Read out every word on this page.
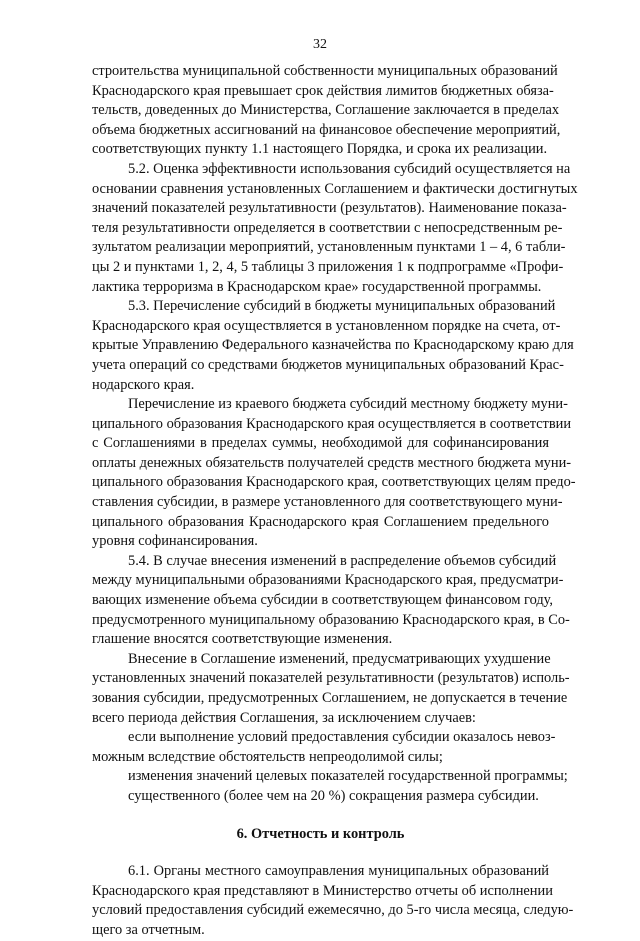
32
строительства муниципальной собственности муниципальных образований
Краснодарского края превышает срок действия лимитов бюджетных обяза-
тельств, доведенных до Министерства, Соглашение заключается в пределах
объема бюджетных ассигнований на финансовое обеспечение мероприятий,
соответствующих пункту 1.1 настоящего Порядка, и срока их реализации.
5.2. Оценка эффективности использования субсидий осуществляется на
основании сравнения установленных Соглашением и фактически достигнутых
значений показателей результативности (результатов). Наименование показа-
теля результативности определяется в соответствии с непосредственным ре-
зультатом реализации мероприятий, установленным пунктами 1 – 4, 6 табли-
цы 2 и пунктами 1, 2, 4, 5 таблицы 3 приложения 1 к подпрограмме «Профи-
лактика терроризма в Краснодарском крае» государственной программы.
5.3. Перечисление субсидий в бюджеты муниципальных образований
Краснодарского края осуществляется в установленном порядке на счета, от-
крытые Управлению Федерального казначейства по Краснодарскому краю для
учета операций со средствами бюджетов муниципальных образований Крас-
нодарского края.
Перечисление из краевого бюджета субсидий местному бюджету муни-
ципального образования Краснодарского края осуществляется в соответствии
с Соглашениями в пределах суммы, необходимой для софинансирования
оплаты денежных обязательств получателей средств местного бюджета муни-
ципального образования Краснодарского края, соответствующих целям предо-
ставления субсидии, в размере установленного для соответствующего муни-
ципального образования Краснодарского края Соглашением предельного
уровня софинансирования.
5.4. В случае внесения изменений в распределение объемов субсидий
между муниципальными образованиями Краснодарского края, предусматри-
вающих изменение объема субсидии в соответствующем финансовом году,
предусмотренного муниципальному образованию Краснодарского края, в Со-
глашение вносятся соответствующие изменения.
Внесение в Соглашение изменений, предусматривающих ухудшение
установленных значений показателей результативности (результатов) исполь-
зования субсидии, предусмотренных Соглашением, не допускается в течение
всего периода действия Соглашения, за исключением случаев:
если выполнение условий предоставления субсидии оказалось невоз-
можным вследствие обстоятельств непреодолимой силы;
изменения значений целевых показателей государственной программы;
существенного (более чем на 20 %) сокращения размера субсидии.
6. Отчетность и контроль
6.1. Органы местного самоуправления муниципальных образований
Краснодарского края представляют в Министерство отчеты об исполнении
условий предоставления субсидий ежемесячно, до 5-го числа месяца, следую-
щего за отчетным.
